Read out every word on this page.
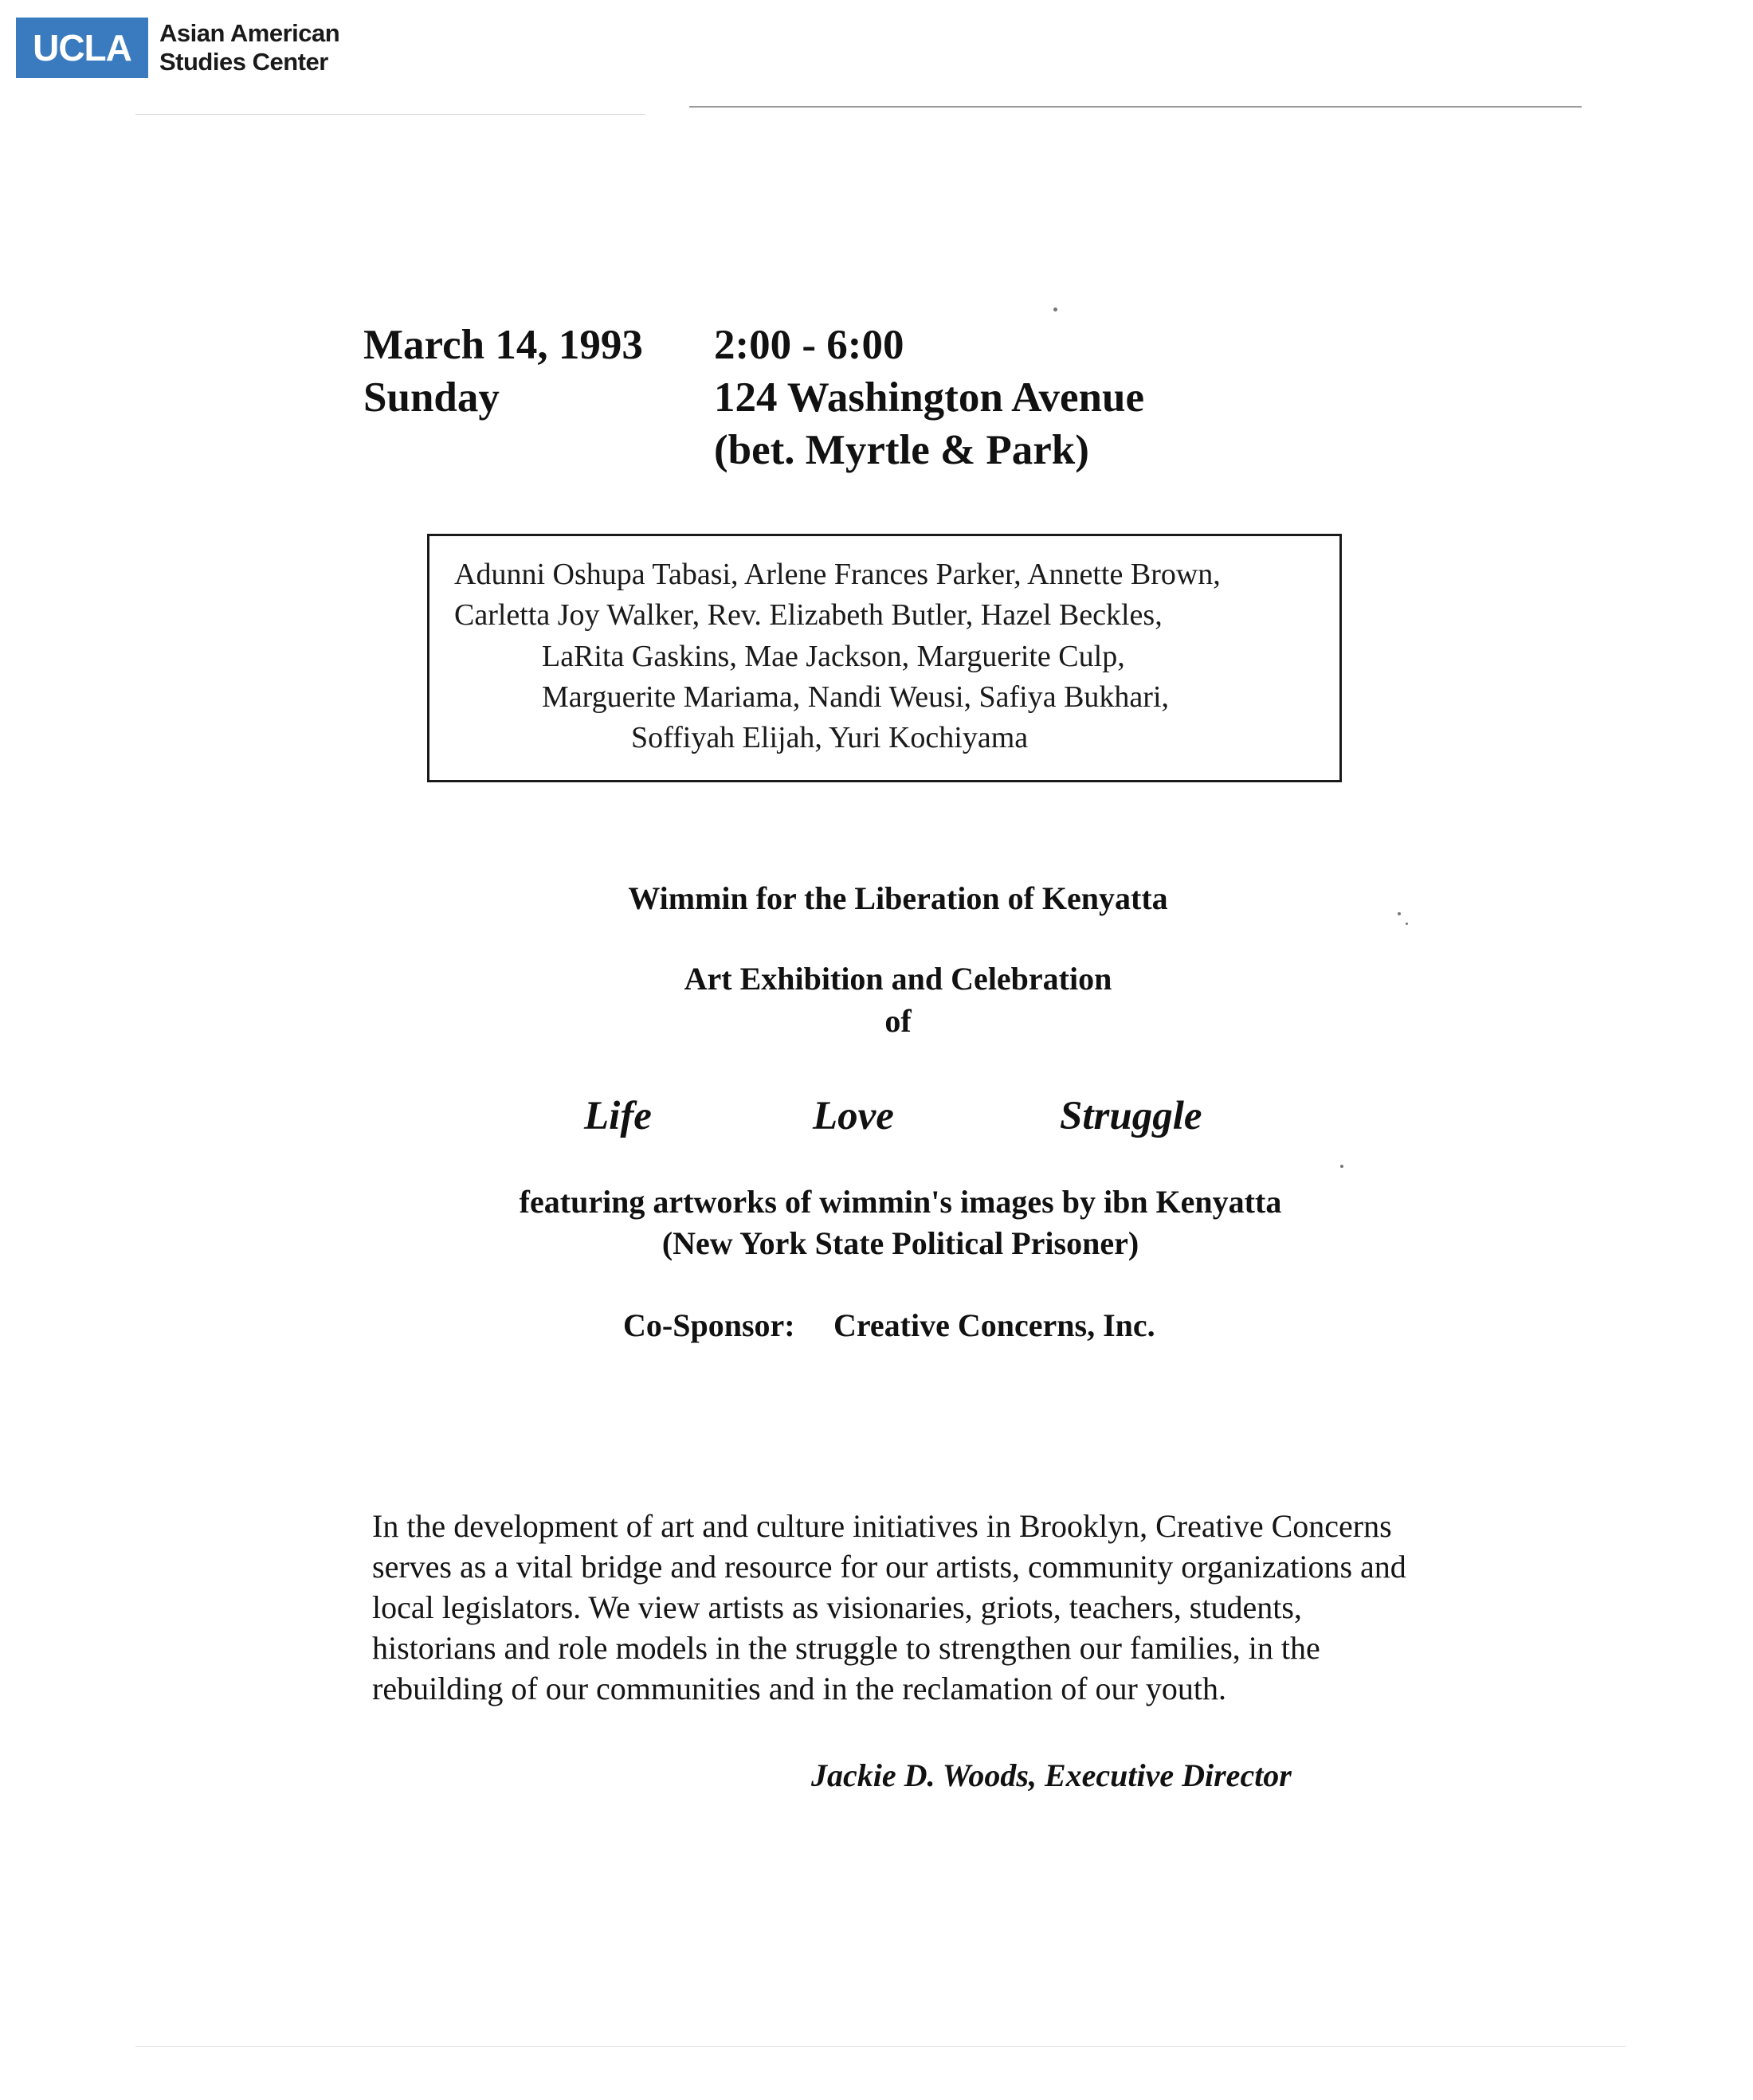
UCLA Asian American
Studies Center
March 14, 1993
Sunday
2:00 - 6:00
124 Washington Avenue
(bet. Myrtle & Park)
Adunni Oshupa Tabasi, Arlene Frances Parker, Annette Brown,
Carletta Joy Walker, Rev. Elizabeth Butler, Hazel Beckles,
LaRita Gaskins, Mae Jackson, Marguerite Culp,
Marguerite Mariama, Nandi Weusi, Safiya Bukhari,
Soffiyah Elijah, Yuri Kochiyama
Wimmin for the Liberation of Kenyatta
Art Exhibition and Celebration
of
Life	Love	Struggle
featuring artworks of wimmin's images by ibn Kenyatta
(New York State Political Prisoner)
Co-Sponsor: Creative Concerns, Inc.
In the development of art and culture initiatives in Brooklyn, Creative Concerns
serves as a vital bridge and resource for our artists, community organizations and
local legislators. We view artists as visionaries, griots, teachers, students,
historians and role models in the struggle to strengthen our families, in the
rebuilding of our communities and in the reclamation of our youth.
Jackie D. Woods, Executive Director
